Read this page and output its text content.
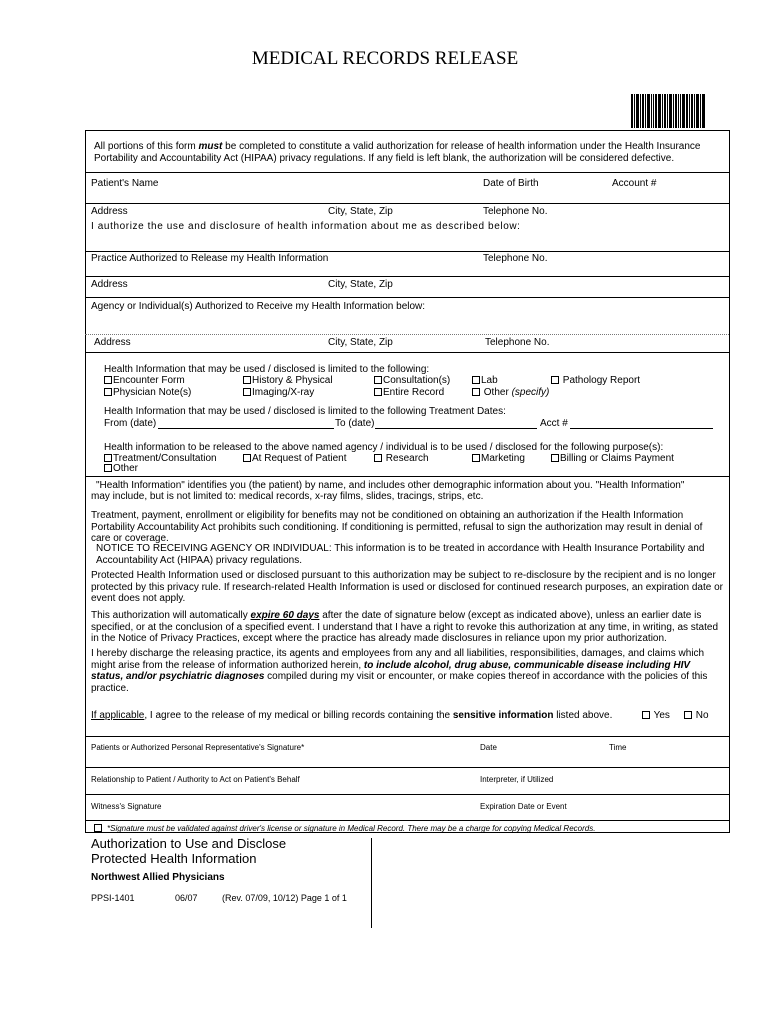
MEDICAL RECORDS RELEASE
All portions of this form must be completed to constitute a valid authorization for release of health information under the Health Insurance
Portability and Accountability Act (HIPAA) privacy regulations. If any field is left blank, the authorization will be considered defective.
Patient's Name	Date of Birth	Account #
Address	City, State, Zip	Telephone No.
I authorize the use and disclosure of health information about me as described below:
Practice Authorized to Release my Health Information	Telephone No.
Address	City, State, Zip
Agency or Individual(s) Authorized to Receive my Health Information below:
Address	City, State, Zip	Telephone No.
Health Information that may be used / disclosed is limited to the following:
Encounter Form	History & Physical	Consultation(s)	Lab	Pathology Report
Physician Note(s)	Imaging/X-ray	Entire Record	Other (specify)
Health Information that may be used / disclosed is limited to the following Treatment Dates:
From (date)	To (date)	Acct #
Health information to be released to the above named agency / individual is to be used / disclosed for the following purpose(s):
Treatment/Consultation	At Request of Patient	Research	Marketing	Billing or Claims Payment
Other
"Health Information" identifies you (the patient) by name, and includes other demographic information about you. "Health Information"
may include, but is not limited to: medical records, x-ray films, slides, tracings, strips, etc.
Treatment, payment, enrollment or eligibility for benefits may not be conditioned on obtaining an authorization if the Health Information Portability Accountability Act prohibits such conditioning. If conditioning is permitted, refusal to sign the authorization may result in denial of care or coverage.
NOTICE TO RECEIVING AGENCY OR INDIVIDUAL: This information is to be treated in accordance with Health Insurance Portability and Accountability Act (HIPAA) privacy regulations.
Protected Health Information used or disclosed pursuant to this authorization may be subject to re-disclosure by the recipient and is no longer protected by this privacy rule. If research-related Health Information is used or disclosed for continued research purposes, an expiration date or event does not apply.
This authorization will automatically expire 60 days after the date of signature below (except as indicated above), unless an earlier date is specified, or at the conclusion of a specified event. I understand that I have a right to revoke this authorization at any time, in writing, as stated in the Notice of Privacy Practices, except where the practice has already made disclosures in reliance upon my prior authorization.
I hereby discharge the releasing practice, its agents and employees from any and all liabilities, responsibilities, damages, and claims which might arise from the release of information authorized herein, to include alcohol, drug abuse, communicable disease including HIV status, and/or psychiatric diagnoses compiled during my visit or encounter, or make copies thereof in accordance with the policies of this practice.
If applicable, I agree to the release of my medical or billing records containing the sensitive information listed above.	Yes	No
Patients or Authorized Personal Representative's Signature*	Date	Time
Relationship to Patient / Authority to Act on Patient's Behalf	Interpreter, if Utilized
Witness's Signature	Expiration Date or Event
*Signature must be validated against driver's license or signature in Medical Record. There may be a charge for copying Medical Records.
Authorization to Use and Disclose
Protected Health Information
Northwest Allied Physicians
PPSI-1401	06/07	(Rev. 07/09, 10/12) Page 1 of 1
